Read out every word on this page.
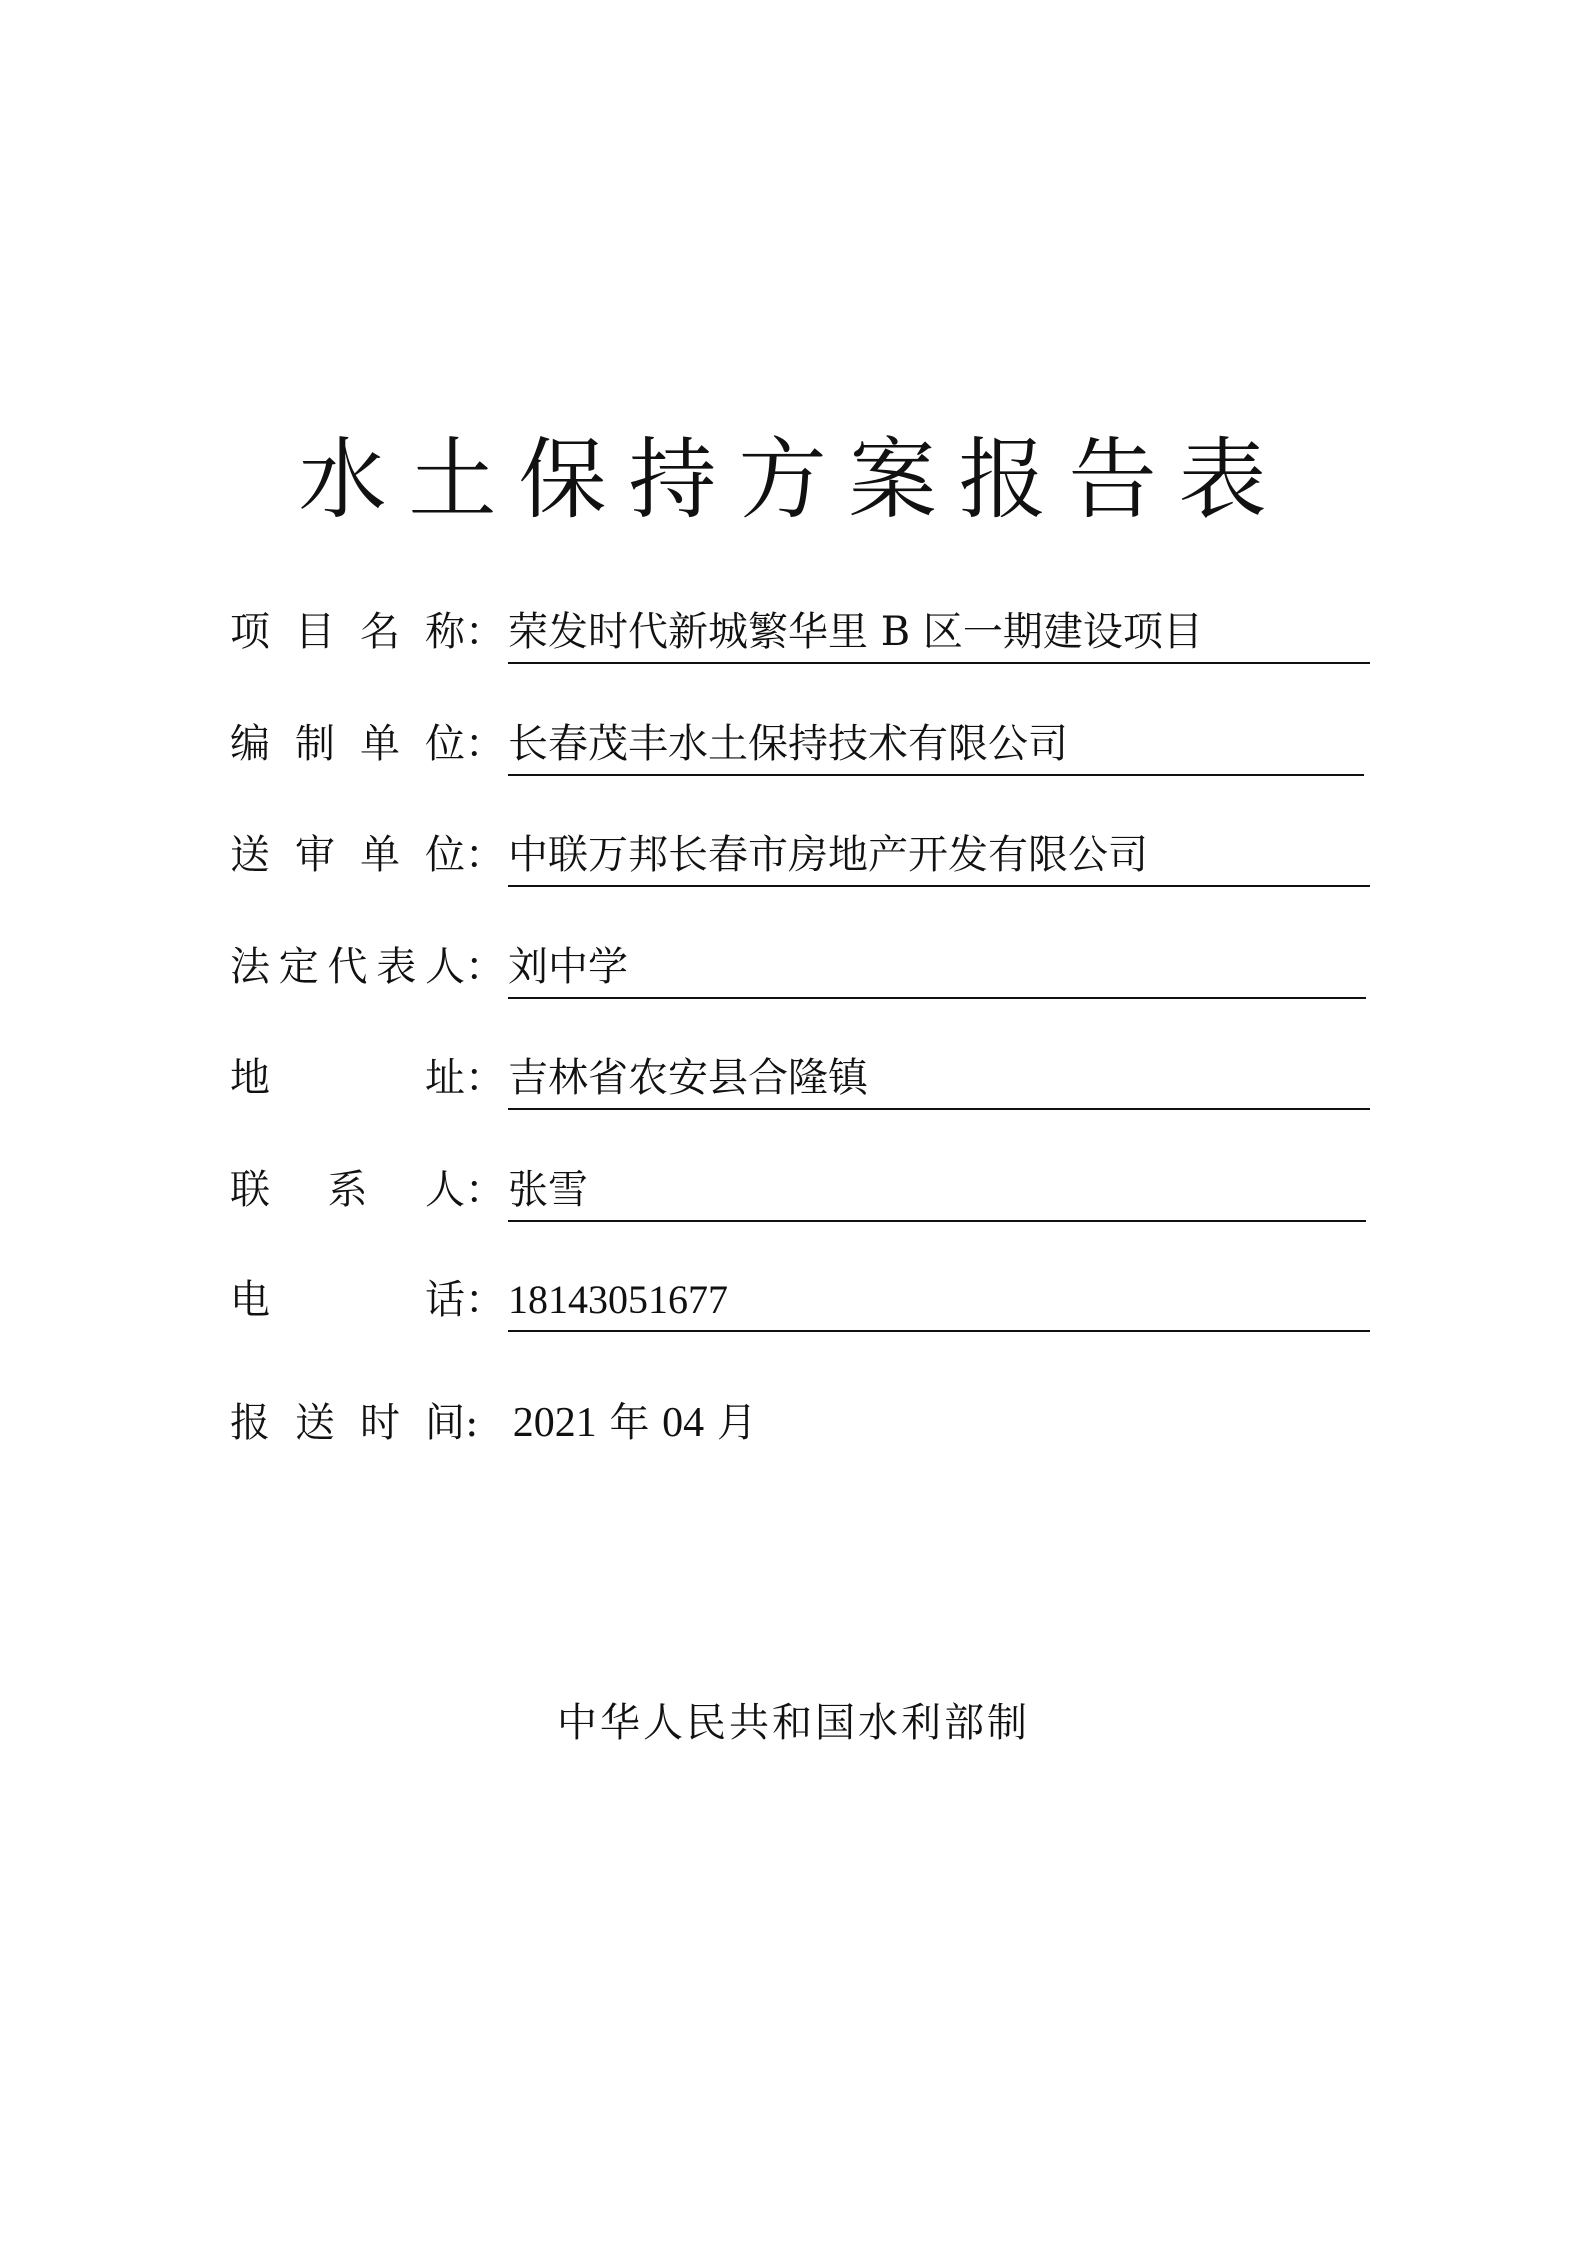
水土保持方案报告表
项目名称： 荣发时代新城繁华里 B 区一期建设项目
编制单位： 长春茂丰水土保持技术有限公司
送审单位： 中联万邦长春市房地产开发有限公司
法定代表人： 刘中学
地址： 吉林省农安县合隆镇
联系人： 张雪
电话： 18143051677
报送时间: 2021 年 04 月
中华人民共和国水利部制
